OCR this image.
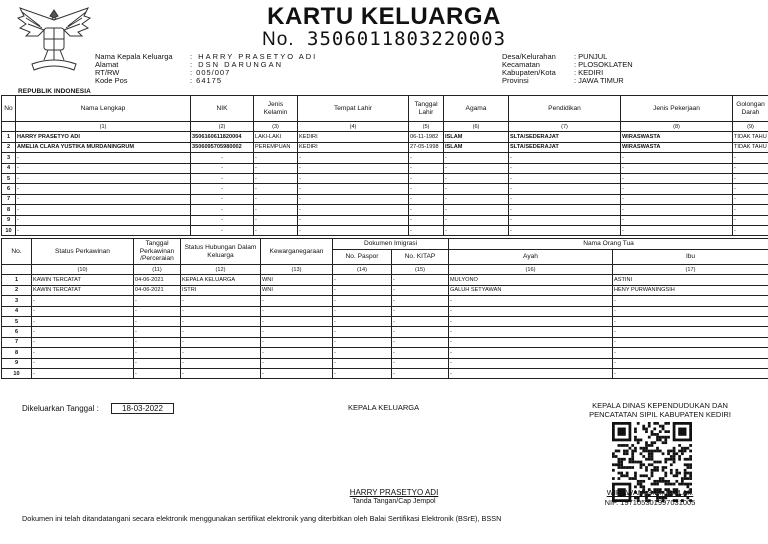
REPUBLIK INDONESIA
KARTU KELUARGA
No. 3506011803220003
Nama Kepala Keluarga	: HARRY PRASETYO ADI
Alamat	: DSN DARUNGAN
RT/RW	: 005/007
Kode Pos	: 64175
Desa/Kelurahan	: PUNJUL
Kecamatan	: PLOSOKLATEN
Kabupaten/Kota	: KEDIRI
Provinsi	: JAWA TIMUR
No	Nama Lengkap	NIK	Jenis Kelamin	Tempat Lahir	Tanggal Lahir	Agama	Pendidikan	Jenis Pekerjaan	Golongan Darah
	(1)	(2)	(3)	(4)	(5)	(6)	(7)	(8)	(9)
1	HARRY PRASETYO ADI	3506160611820004	LAKI-LAKI	KEDIRI	06-11-1982	ISLAM	SLTA/SEDERAJAT	WIRASWASTA	TIDAK TAHU
2	AMELIA CLARA YUSTIKA MURDANINGRUM	3506095705980002	PEREMPUAN	KEDIRI	27-05-1998	ISLAM	SLTA/SEDERAJAT	WIRASWASTA	TIDAK TAHU
3	-	-	-	-	-	-	-	-	-
4	-	-	-	-	-	-	-	-	-
5	-	-	-	-	-	-	-	-	-
6	-	-	-	-	-	-	-	-	-
7	-	-	-	-	-	-	-	-	-
8	-	-	-	-	-	-	-	-	-
9	-	-	-	-	-	-	-	-	-
10	-	-	-	-	-	-	-	-	-
No.	Status Perkawinan	Tanggal Perkawinan /Perceraian	Status Hubungan Dalam Keluarga	Kewarganegaraan	Dokumen Imigrasi		Nama Orang Tua	
					No. Paspor	No. KITAP	Ayah	Ibu
	(10)	(11)	(12)	(13)	(14)	(15)	(16)	(17)
1	KAWIN TERCATAT	04-06-2021	KEPALA KELUARGA	WNI	-	-	MULYONO	ASTINI
2	KAWIN TERCATAT	04-06-2021	ISTRI	WNI	-	-	GALUH SETYAWAN	HENY PURWANINGSIH
3	-	-	-	-	-	-	-	-
4	-	-	-	-	-	-	-	-
5	-	-	-	-	-	-	-	-
6	-	-	-	-	-	-	-	-
7	-	-	-	-	-	-	-	-
8	-	-	-	-	-	-	-	-
9	-	-	-	-	-	-	-	-
10	-	-	-	-	-	-	-	-
Dikeluarkan Tanggal :	18-03-2022	KEPALA KELUARGA	KEPALA DINAS KEPENDUDUKAN DAN
PENCATATAN SIPIL KABUPATEN KEDIRI
HARRY PRASETYO ADI
Tanda Tangan/Cap Jempol
WIRAWAN, S.E., M.M.Ak.
NIP. 197105301997031005
Dokumen ini telah ditandatangani secara elektronik menggunakan sertifikat elektronik yang diterbitkan oleh Balai Sertifikasi Elektronik (BSrE), BSSN
